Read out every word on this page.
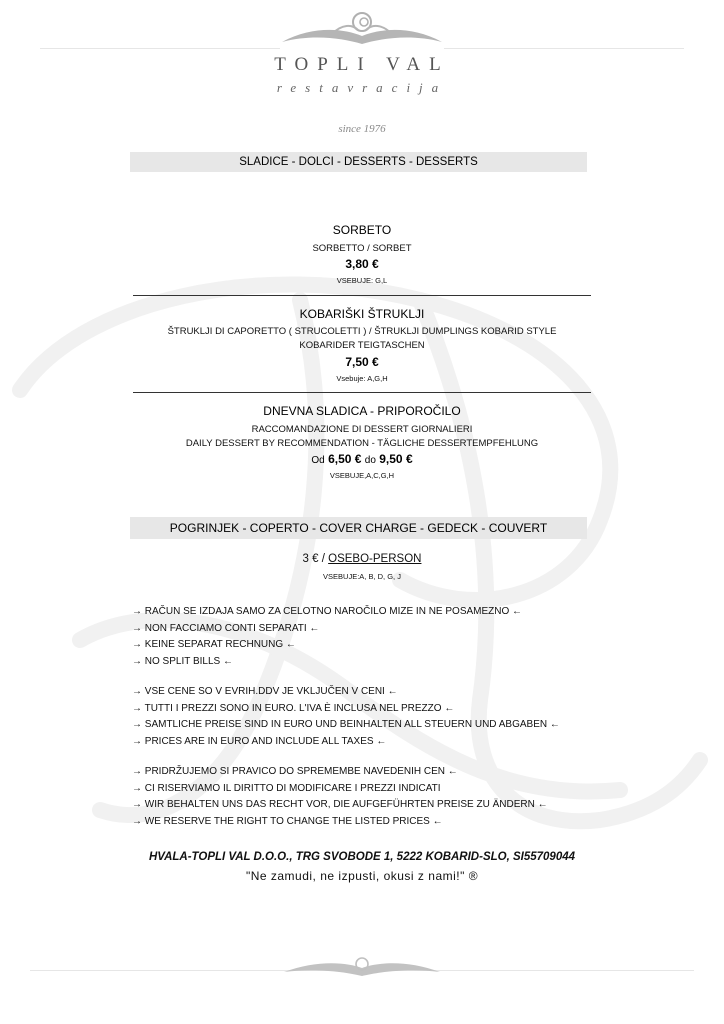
TOPLI VAL
restavracija
since 1976
SLADICE - DOLCI - DESSERTS - DESSERTS
SORBETO
SORBETTO / SORBET
3,80 €
VSEBUJE: G,L
KOBARIŠKI ŠTRUKLJI
ŠTRUKLJI DI CAPORETTO ( STRUCOLETTI ) / ŠTRUKLJI DUMPLINGS KOBARID STYLE
KOBARIDER TEIGTASCHEN
7,50 €
Vsebuje: A,G,H
DNEVNA SLADICA - PRIPOROČILO
RACCOMANDAZIONE DI DESSERT GIORNALIERI
DAILY DESSERT BY RECOMMENDATION - TÄGLICHE DESSERTEMPFEHLUNG
Od 6,50 € do 9,50 €
VSEBUJE,A,C,G,H
POGRINJEK - COPERTO - COVER CHARGE - GEDECK - COUVERT
3 € / OSEBO-PERSON
VSEBUJE:A, B, D, G, J
→ RAČUN SE IZDAJA SAMO ZA CELOTNO NAROČILO MIZE IN NE POSAMEZNO ←
→ NON FACCIAMO CONTI SEPARATI ←
→ KEINE SEPARAT RECHNUNG ←
→ NO SPLIT BILLS ←
→ VSE CENE SO V EVRIH.DDV JE VKLJUČEN V CENI ←
→ TUTTI I PREZZI SONO IN EURO. L'IVA È INCLUSA NEL PREZZO ←
→ SAMTLICHE PREISE SIND IN EURO UND BEINHALTEN ALL STEUERN UND ABGABEN ←
→ PRICES ARE IN EURO AND INCLUDE ALL TAXES ←
→ PRIDRŽUJEMO SI PRAVICO DO SPREMEMBE NAVEDENIH CEN ←
→ CI RISERVIAMO IL DIRITTO DI MODIFICARE I PREZZI INDICATI
→ WIR BEHALTEN UNS DAS RECHT VOR, DIE AUFGEFÜHRTEN PREISE ZU ÄNDERN ←
→ WE RESERVE THE RIGHT TO CHANGE THE LISTED PRICES ←
HVALA-TOPLI VAL D.O.O., TRG SVOBODE 1, 5222 KOBARID-SLO, SI55709044
"Ne zamudi, ne izpusti, okusi z nami!" ®
